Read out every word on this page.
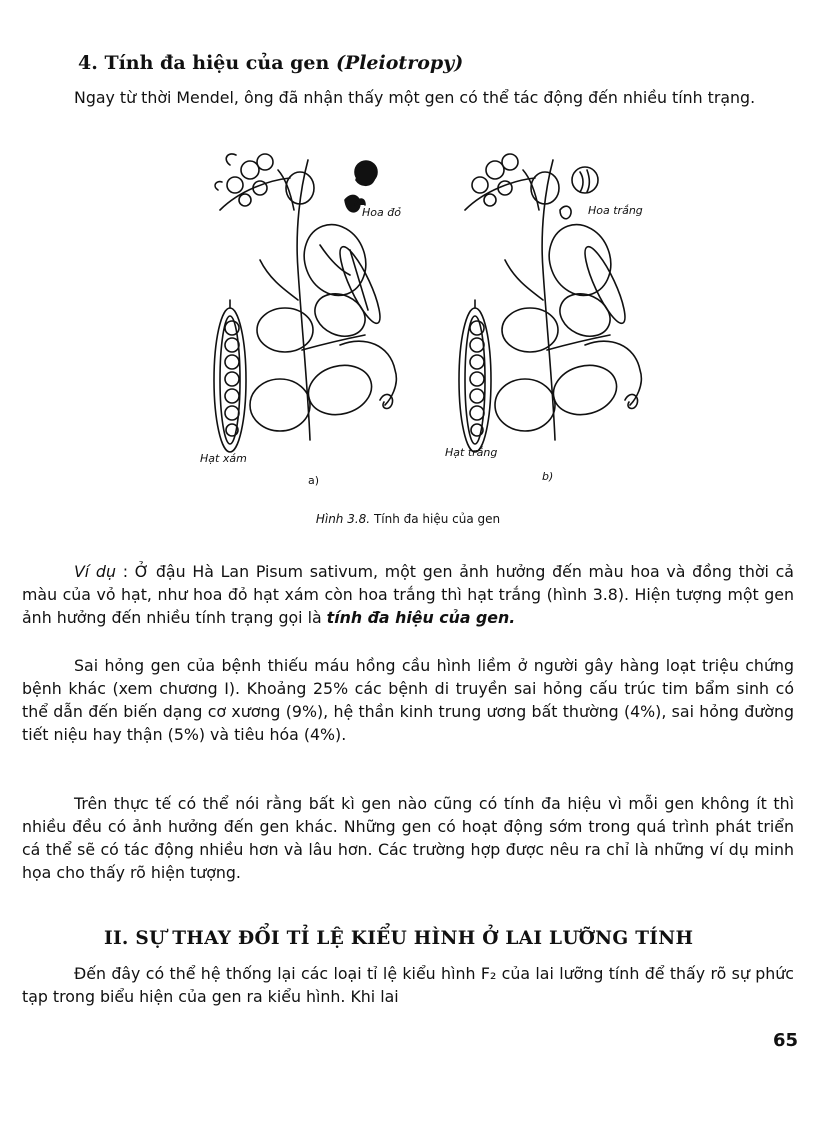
4. Tính đa hiệu của gen (Pleiotropy)

Ngay từ thời Mendel, ông đã nhận thấy một gen có thể tác động đến nhiều tính trạng.

Hoa đỏ	Hoa trắng
Hạt xám	Hạt trắng
a)	b)
Hình 3.8. Tính đa hiệu của gen

Ví dụ : Ở đậu Hà Lan Pisum sativum, một gen ảnh hưởng đến màu hoa và đồng thời cả màu của vỏ hạt, như hoa đỏ hạt xám còn hoa trắng thì hạt trắng (hình 3.8). Hiện tượng một gen ảnh hưởng đến nhiều tính trạng gọi là tính đa hiệu của gen.

Sai hỏng gen của bệnh thiếu máu hồng cầu hình liềm ở người gây hàng loạt triệu chứng bệnh khác (xem chương I). Khoảng 25% các bệnh di truyền sai hỏng cấu trúc tim bẩm sinh có thể dẫn đến biến dạng cơ xương (9%), hệ thần kinh trung ương bất thường (4%), sai hỏng đường tiết niệu hay thận (5%) và tiêu hóa (4%).

Trên thực tế có thể nói rằng bất kì gen nào cũng có tính đa hiệu vì mỗi gen không ít thì nhiều đều có ảnh hưởng đến gen khác. Những gen có hoạt động sớm trong quá trình phát triển cá thể sẽ có tác động nhiều hơn và lâu hơn. Các trường hợp được nêu ra chỉ là những ví dụ minh họa cho thấy rõ hiện tượng.

II. SỰ THAY ĐỔI TỈ LỆ KIỂU HÌNH Ở LAI LƯỠNG TÍNH

Đến đây có thể hệ thống lại các loại tỉ lệ kiểu hình F₂ của lai lưỡng tính để thấy rõ sự phức tạp trong biểu hiện của gen ra kiểu hình. Khi lai

65
